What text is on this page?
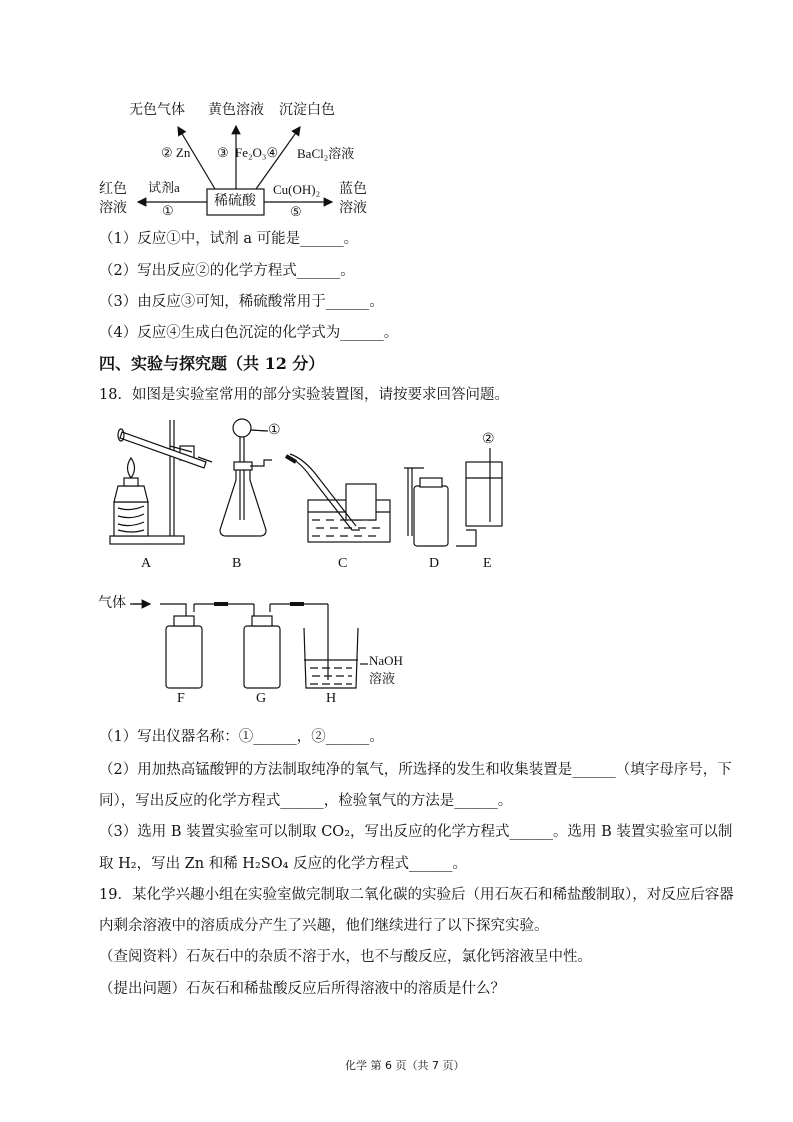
无色气体 黄色溶液 沉淀白色
② Zn ③ Fe₂O₃④ BaCl₂溶液
稀硫酸
试剂a
①
Cu(OH)₂
⑤
红色
溶液
蓝色
溶液
（1）反应①中，试剂 a 可能是______。
（2）写出反应②的化学方程式______。
（3）由反应③可知，稀硫酸常用于______。
（4）反应④生成白色沉淀的化学式为______。
四、实验与探究题（共 12 分）
18．如图是实验室常用的部分实验装置图，请按要求回答问题。
①
②
A	B	C	D	E
气体
NaOH
溶液
F	G	H
（1）写出仪器名称：①______，②______。
（2）用加热高锰酸钾的方法制取纯净的氧气，所选择的发生和收集装置是______（填字母序号，下
同），写出反应的化学方程式______，检验氧气的方法是______。
（3）选用 B 装置实验室可以制取 CO₂，写出反应的化学方程式______。选用 B 装置实验室可以制
取 H₂，写出 Zn 和稀 H₂SO₄ 反应的化学方程式______。
19．某化学兴趣小组在实验室做完制取二氧化碳的实验后（用石灰石和稀盐酸制取），对反应后容器
内剩余溶液中的溶质成分产生了兴趣，他们继续进行了以下探究实验。
（查阅资料）石灰石中的杂质不溶于水，也不与酸反应，氯化钙溶液呈中性。
（提出问题）石灰石和稀盐酸反应后所得溶液中的溶质是什么？
化学 第 6 页（共 7 页）
